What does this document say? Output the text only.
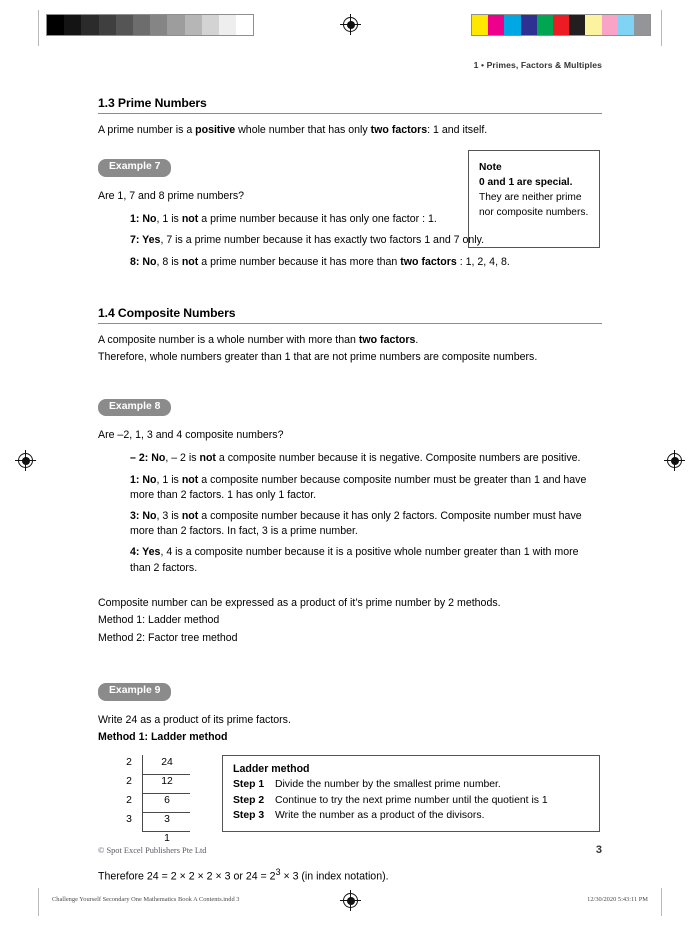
1 • Primes, Factors & Multiples
1.3 Prime Numbers

A prime number is a positive whole number that has only two factors: 1 and itself.

Example 7

Are 1, 7 and 8 prime numbers?

1: No, 1 is not a prime number because it has only one factor : 1.

7: Yes, 7 is a prime number because it has exactly two factors 1 and 7 only.

8: No, 8 is not a prime number because it has more than two factors : 1, 2, 4, 8.

1.4 Composite Numbers

A composite number is a whole number with more than two factors.

Therefore, whole numbers greater than 1 that are not prime numbers are composite numbers.

Example 8

Are –2, 1, 3 and 4 composite numbers?

– 2: No, – 2 is not a composite number because it is negative. Composite numbers are positive.

1: No, 1 is not a composite number because composite number must be greater than 1 and have more than 2 factors. 1 has only 1 factor.

3: No, 3 is not a composite number because it has only 2 factors. Composite number must have more than 2 factors. In fact, 3 is a prime number.

4: Yes, 4 is a composite number because it is a positive whole number greater than 1 with more than 2 factors.

Composite number can be expressed as a product of it’s prime number by 2 methods.

Method 1: Ladder method

Method 2: Factor tree method

Example 9

Write 24 as a product of its prime factors.

Method 1: Ladder method

2	24
2	12
2	6
3	3
1
Ladder method
Step 1	Divide the number by the smallest prime number.
Step 2	Continue to try the next prime number until the quotient is 1
Step 3	Write the number as a product of the divisors.

Therefore 24 = 2 × 2 × 2 × 3 or $24 = 2^3 \times 3$ (in index notation).

Note
0 and 1 are special.
They are neither prime nor composite numbers.
© Spot Excel Publishers Pte Ltd	3
Challenge Yourself Secondary One Mathematics Book A Contents.indd 3	12/30/2020 5:43:11 PM
